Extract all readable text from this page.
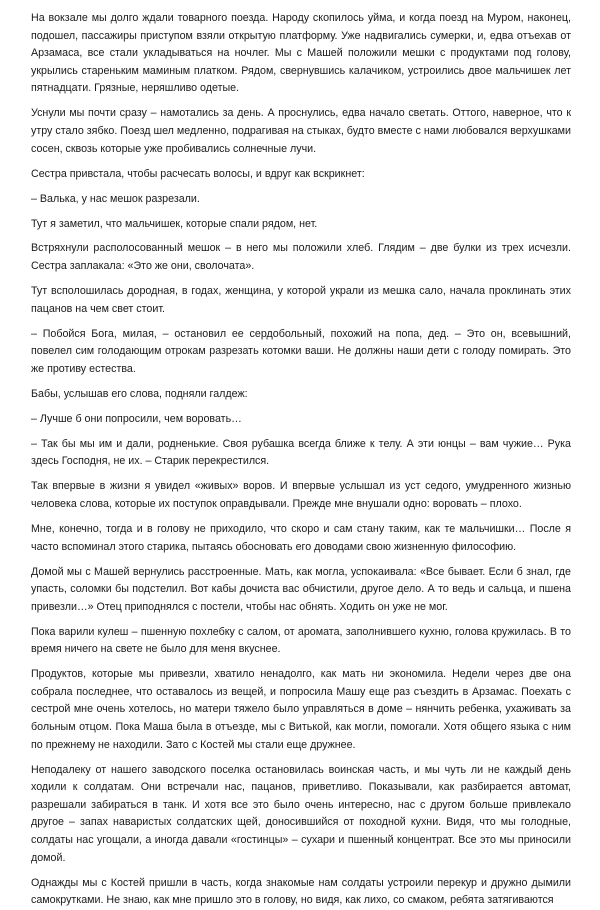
На вокзале мы долго ждали товарного поезда. Народу скопилось уйма, и когда поезд на Муром, наконец, подошел, пассажиры приступом взяли открытую платформу. Уже надвигались сумерки, и, едва отъехав от Арзамаса, все стали укладываться на ночлег. Мы с Машей положили мешки с продуктами под голову, укрылись стареньким маминым платком. Рядом, свернувшись калачиком, устроились двое мальчишек лет пятнадцати. Грязные, неряшливо одетые.

Уснули мы почти сразу – намотались за день. А проснулись, едва начало светать. Оттого, наверное, что к утру стало зябко. Поезд шел медленно, подрагивая на стыках, будто вместе с нами любовался верхушками сосен, сквозь которые уже пробивались солнечные лучи.

Сестра привстала, чтобы расчесать волосы, и вдруг как вскрикнет:

– Валька, у нас мешок разрезали.

Тут я заметил, что мальчишек, которые спали рядом, нет.

Встряхнули располосованный мешок – в него мы положили хлеб. Глядим – две булки из трех исчезли. Сестра заплакала: «Это же они, сволочата».

Тут всполошилась дородная, в годах, женщина, у которой украли из мешка сало, начала проклинать этих пацанов на чем свет стоит.

– Побойся Бога, милая, – остановил ее сердобольный, похожий на попа, дед. – Это он, всевышний, повелел сим голодающим отрокам разрезать котомки ваши. Не должны наши дети с голоду помирать. Это же противу естества.

Бабы, услышав его слова, подняли галдеж:

– Лучше б они попросили, чем воровать…

– Так бы мы им и дали, родненькие. Своя рубашка всегда ближе к телу. А эти юнцы – вам чужие… Рука здесь Господня, не их. – Старик перекрестился.

Так впервые в жизни я увидел «живых» воров. И впервые услышал из уст седого, умудренного жизнью человека слова, которые их поступок оправдывали. Прежде мне внушали одно: воровать – плохо.

Мне, конечно, тогда и в голову не приходило, что скоро и сам стану таким, как те мальчишки… После я часто вспоминал этого старика, пытаясь обосновать его доводами свою жизненную философию.

Домой мы с Машей вернулись расстроенные. Мать, как могла, успокаивала: «Все бывает. Если б знал, где упасть, соломки бы подстелил. Вот кабы дочиста вас обчистили, другое дело. А то ведь и сальца, и пшена привезли…» Отец приподнялся с постели, чтобы нас обнять. Ходить он уже не мог.

Пока варили кулеш – пшенную похлебку с салом, от аромата, заполнившего кухню, голова кружилась. В то время ничего на свете не было для меня вкуснее.

Продуктов, которые мы привезли, хватило ненадолго, как мать ни экономила. Недели через две она собрала последнее, что оставалось из вещей, и попросила Машу еще раз съездить в Арзамас. Поехать с сестрой мне очень хотелось, но матери тяжело было управляться в доме – нянчить ребенка, ухаживать за больным отцом. Пока Маша была в отъезде, мы с Витькой, как могли, помогали. Хотя общего языка с ним по прежнему не находили. Зато с Костей мы стали еще дружнее.

Неподалеку от нашего заводского поселка остановилась воинская часть, и мы чуть ли не каждый день ходили к солдатам. Они встречали нас, пацанов, приветливо. Показывали, как разбирается автомат, разрешали забираться в танк. И хотя все это было очень интересно, нас с другом больше привлекало другое – запах наваристых солдатских щей, доносившийся от походной кухни. Видя, что мы голодные, солдаты нас угощали, а иногда давали «гостинцы» – сухари и пшенный концентрат. Все это мы приносили домой.

Однажды мы с Костей пришли в часть, когда знакомые нам солдаты устроили перекур и дружно дымили самокрутками. Не знаю, как мне пришло это в голову, но видя, как лихо, со смаком, ребята затягиваются
